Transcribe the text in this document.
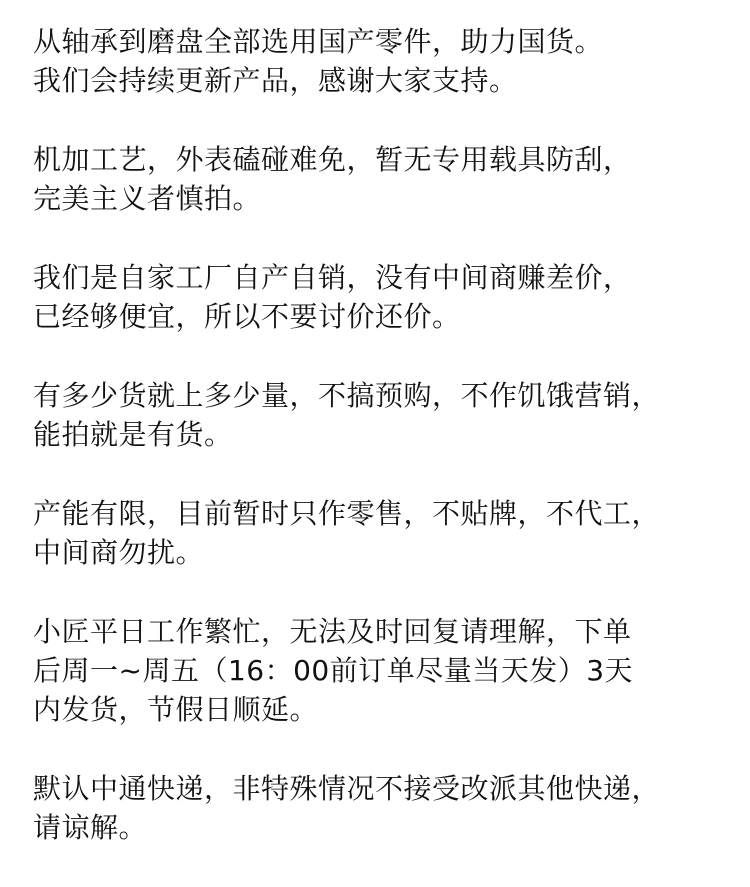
从轴承到磨盘全部选用国产零件，助力国货。
我们会持续更新产品，感谢大家支持。
机加工艺，外表磕碰难免，暂无专用载具防刮，
完美主义者慎拍。
我们是自家工厂自产自销，没有中间商赚差价，
已经够便宜，所以不要讨价还价。
有多少货就上多少量，不搞预购，不作饥饿营销，
能拍就是有货。
产能有限，目前暂时只作零售，不贴牌，不代工，
中间商勿扰。
小匠平日工作繁忙，无法及时回复请理解，下单
后周一~周五（16：00前订单尽量当天发）3天
内发货，节假日顺延。
默认中通快递，非特殊情况不接受改派其他快递，
请谅解。
